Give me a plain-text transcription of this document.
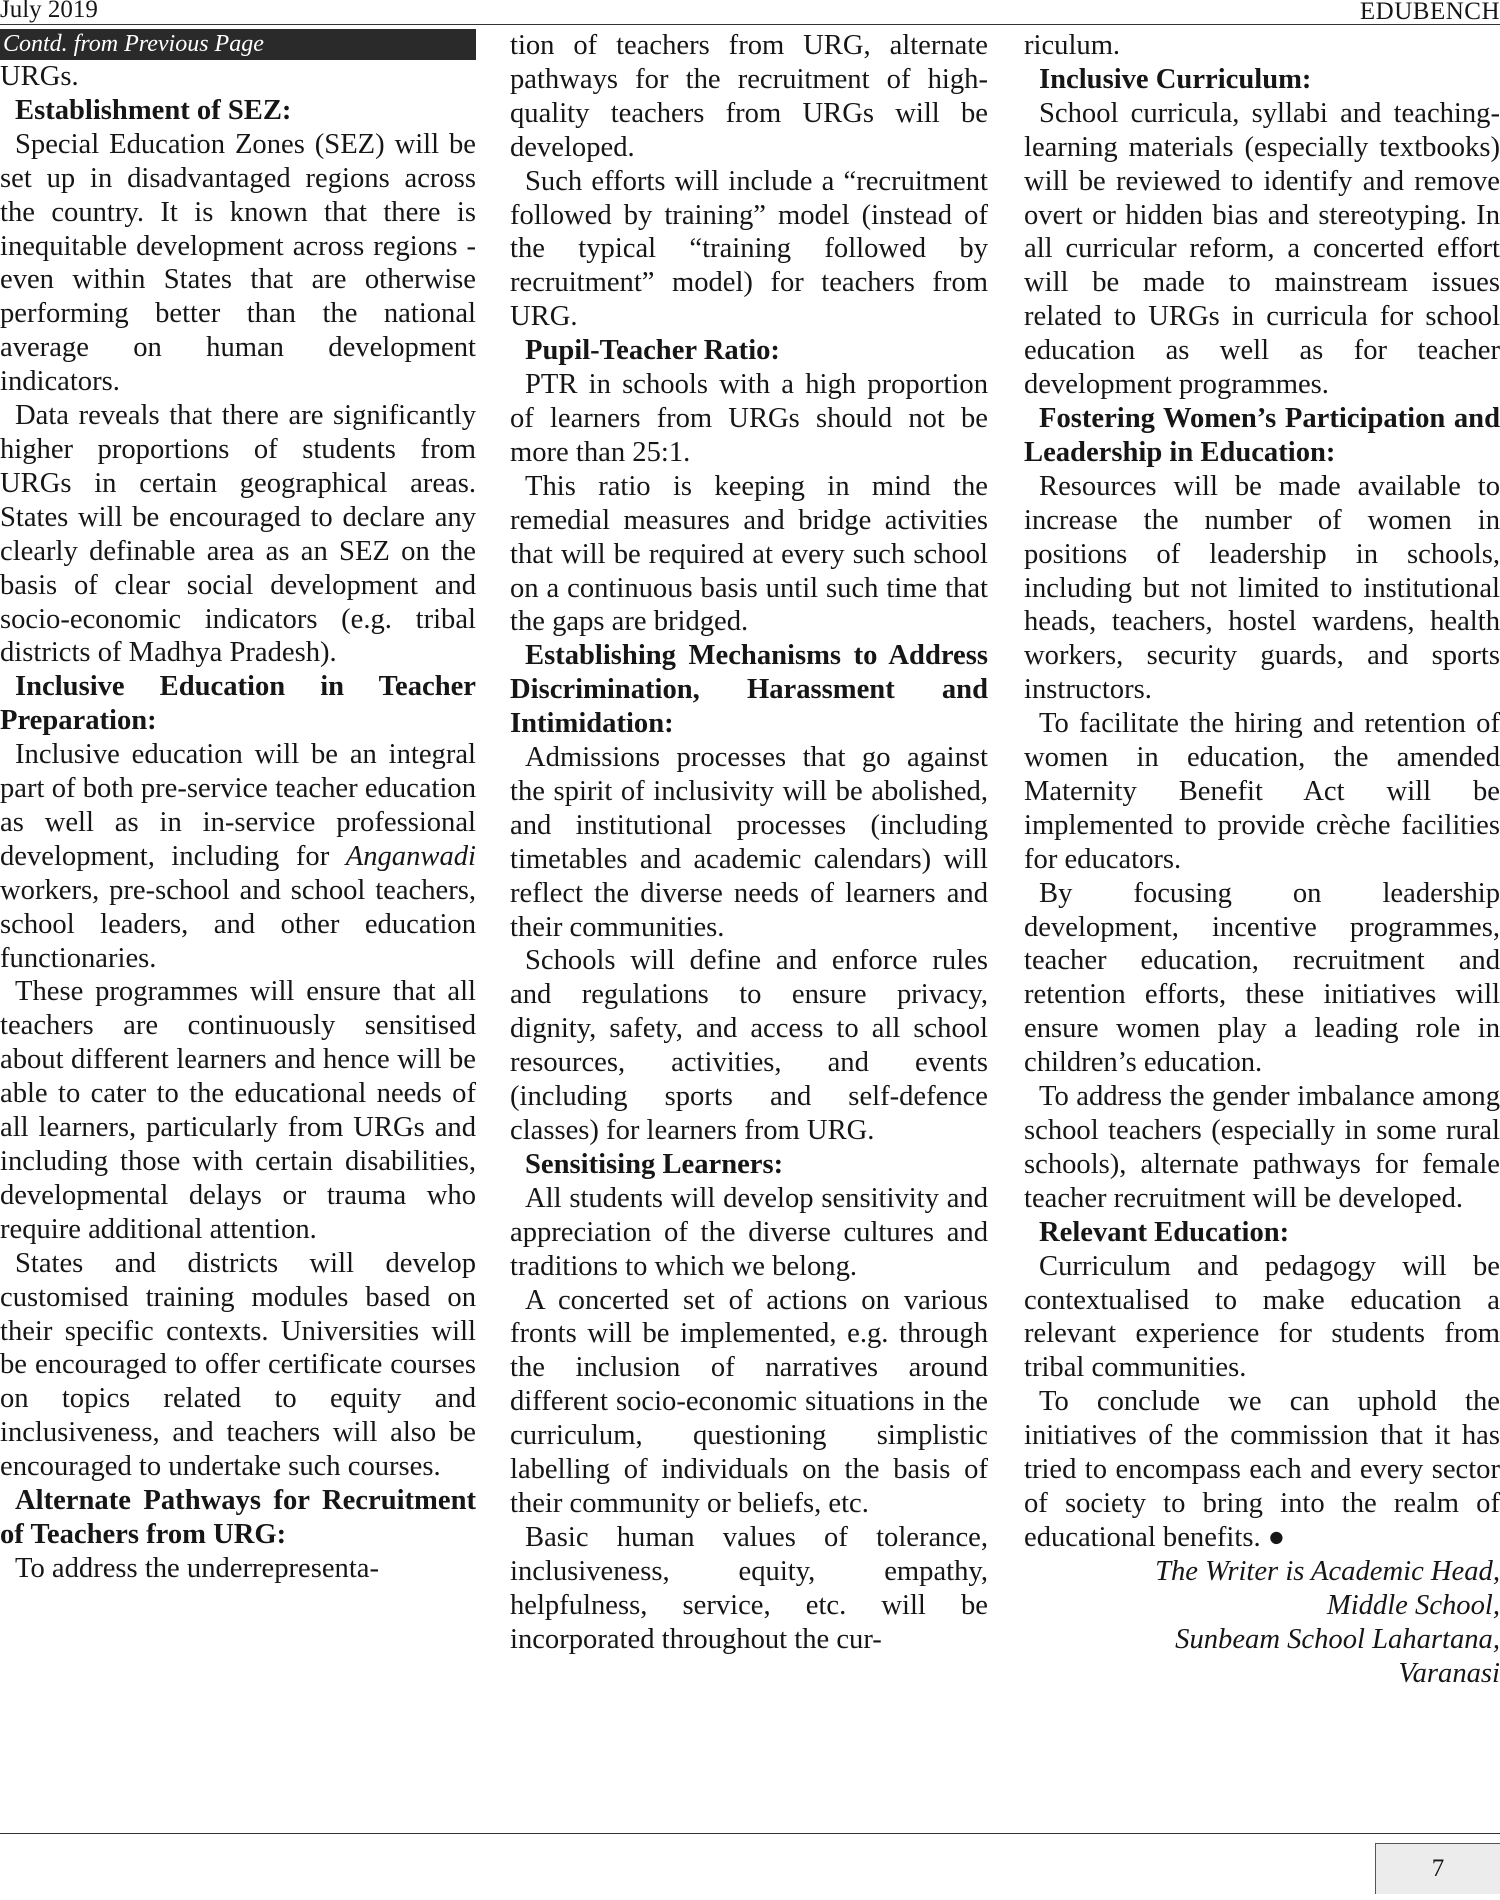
July 2019	EDUBENCH
Contd. from Previous Page

URGs.

Establishment of SEZ:

Special Education Zones (SEZ) will be set up in disadvantaged regions across the country. It is known that there is inequitable development across regions - even within States that are otherwise performing better than the national average on human development indicators.

Data reveals that there are significantly higher proportions of students from URGs in certain geographical areas. States will be encouraged to declare any clearly definable area as an SEZ on the basis of clear social development and socio-economic indicators (e.g. tribal districts of Madhya Pradesh).

Inclusive Education in Teacher Preparation:

Inclusive education will be an integral part of both pre-service teacher education as well as in in-service professional development, including for Anganwadi workers, pre-school and school teachers, school leaders, and other education functionaries.

These programmes will ensure that all teachers are continuously sensitised about different learners and hence will be able to cater to the educational needs of all learners, particularly from URGs and including those with certain disabilities, developmental delays or trauma who require additional attention.

States and districts will develop customised training modules based on their specific contexts. Universities will be encouraged to offer certificate courses on topics related to equity and inclusiveness, and teachers will also be encouraged to undertake such courses.

Alternate Pathways for Recruitment of Teachers from URG:

To address the underrepresenta-

tion of teachers from URG, alternate pathways for the recruitment of high-quality teachers from URGs will be developed.

Such efforts will include a “recruitment followed by training” model (instead of the typical “training followed by recruitment” model) for teachers from URG.

Pupil-Teacher Ratio:

PTR in schools with a high proportion of learners from URGs should not be more than 25:1.

This ratio is keeping in mind the remedial measures and bridge activities that will be required at every such school on a continuous basis until such time that the gaps are bridged.

Establishing Mechanisms to Address Discrimination, Harassment and Intimidation:

Admissions processes that go against the spirit of inclusivity will be abolished, and institutional processes (including timetables and academic calendars) will reflect the diverse needs of learners and their communities.

Schools will define and enforce rules and regulations to ensure privacy, dignity, safety, and access to all school resources, activities, and events (including sports and self-defence classes) for learners from URG.

Sensitising Learners:

All students will develop sensitivity and appreciation of the diverse cultures and traditions to which we belong.

A concerted set of actions on various fronts will be implemented, e.g. through the inclusion of narratives around different socio-economic situations in the curriculum, questioning simplistic labelling of individuals on the basis of their community or beliefs, etc.

Basic human values of tolerance, inclusiveness, equity, empathy, helpfulness, service, etc. will be incorporated throughout the cur-

riculum.

Inclusive Curriculum:

School curricula, syllabi and teaching-learning materials (especially textbooks) will be reviewed to identify and remove overt or hidden bias and stereotyping. In all curricular reform, a concerted effort will be made to mainstream issues related to URGs in curricula for school education as well as for teacher development programmes.

Fostering Women’s Participation and Leadership in Education:

Resources will be made available to increase the number of women in positions of leadership in schools, including but not limited to institutional heads, teachers, hostel wardens, health workers, security guards, and sports instructors.

To facilitate the hiring and retention of women in education, the amended Maternity Benefit Act will be implemented to provide crèche facilities for educators.

By focusing on leadership development, incentive programmes, teacher education, recruitment and retention efforts, these initiatives will ensure women play a leading role in children’s education.

To address the gender imbalance among school teachers (especially in some rural schools), alternate pathways for female teacher recruitment will be developed.

Relevant Education:

Curriculum and pedagogy will be contextualised to make education a relevant experience for students from tribal communities.

To conclude we can uphold the initiatives of the commission that it has tried to encompass each and every sector of society to bring into the realm of educational benefits. ●

The Writer is Academic Head,
Middle School,
Sunbeam School Lahartana,
Varanasi
7
